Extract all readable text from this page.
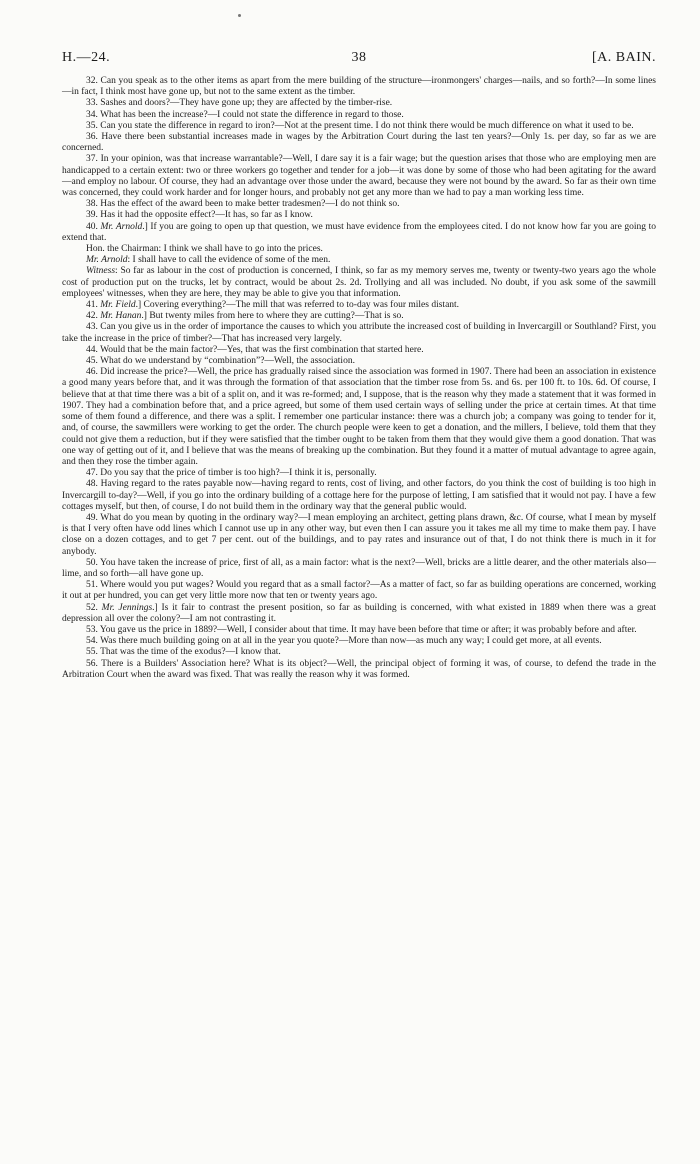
H.—24.	38	[A. BAIN.

32. Can you speak as to the other items as apart from the mere building of the structure—ironmongers' charges—nails, and so forth?—In some lines—in fact, I think most have gone up, but not to the same extent as the timber.

33. Sashes and doors?—They have gone up; they are affected by the timber-rise.

34. What has been the increase?—I could not state the difference in regard to those.

35. Can you state the difference in regard to iron?—Not at the present time. I do not think there would be much difference on what it used to be.

36. Have there been substantial increases made in wages by the Arbitration Court during the last ten years?—Only 1s. per day, so far as we are concerned.

37. In your opinion, was that increase warrantable?—Well, I dare say it is a fair wage; but the question arises that those who are employing men are handicapped to a certain extent: two or three workers go together and tender for a job—it was done by some of those who had been agitating for the award—and employ no labour. Of course, they had an advantage over those under the award, because they were not bound by the award. So far as their own time was concerned, they could work harder and for longer hours, and probably not get any more than we had to pay a man working less time.

38. Has the effect of the award been to make better tradesmen?—I do not think so.

39. Has it had the opposite effect?—It has, so far as I know.

40. Mr. Arnold.] If you are going to open up that question, we must have evidence from the employees cited. I do not know how far you are going to extend that.

Hon. the Chairman: I think we shall have to go into the prices.

Mr. Arnold: I shall have to call the evidence of some of the men.

Witness: So far as labour in the cost of production is concerned, I think, so far as my memory serves me, twenty or twenty-two years ago the whole cost of production put on the trucks, let by contract, would be about 2s. 2d. Trollying and all was included. No doubt, if you ask some of the sawmill employees' witnesses, when they are here, they may be able to give you that information.

41. Mr. Field.] Covering everything?—The mill that was referred to to-day was four miles distant.

42. Mr. Hanan.] But twenty miles from here to where they are cutting?—That is so.

43. Can you give us in the order of importance the causes to which you attribute the increased cost of building in Invercargill or Southland? First, you take the increase in the price of timber?—That has increased very largely.

44. Would that be the main factor?—Yes, that was the first combination that started here.

45. What do we understand by “combination”?—Well, the association.

46. Did increase the price?—Well, the price has gradually raised since the association was formed in 1907. There had been an association in existence a good many years before that, and it was through the formation of that association that the timber rose from 5s. and 6s. per 100 ft. to 10s. 6d. Of course, I believe that at that time there was a bit of a split on, and it was re-formed; and, I suppose, that is the reason why they made a statement that it was formed in 1907. They had a combination before that, and a price agreed, but some of them used certain ways of selling under the price at certain times. At that time some of them found a difference, and there was a split. I remember one particular instance: there was a church job; a company was going to tender for it, and, of course, the sawmillers were working to get the order. The church people were keen to get a donation, and the millers, I believe, told them that they could not give them a reduction, but if they were satisfied that the timber ought to be taken from them that they would give them a good donation. That was one way of getting out of it, and I believe that was the means of breaking up the combination. But they found it a matter of mutual advantage to agree again, and then they rose the timber again.

47. Do you say that the price of timber is too high?—I think it is, personally.

48. Having regard to the rates payable now—having regard to rents, cost of living, and other factors, do you think the cost of building is too high in Invercargill to-day?—Well, if you go into the ordinary building of a cottage here for the purpose of letting, I am satisfied that it would not pay. I have a few cottages myself, but then, of course, I do not build them in the ordinary way that the general public would.

49. What do you mean by quoting in the ordinary way?—I mean employing an architect, getting plans drawn, &c. Of course, what I mean by myself is that I very often have odd lines which I cannot use up in any other way, but even then I can assure you it takes me all my time to make them pay. I have close on a dozen cottages, and to get 7 per cent. out of the buildings, and to pay rates and insurance out of that, I do not think there is much in it for anybody.

50. You have taken the increase of price, first of all, as a main factor: what is the next?—Well, bricks are a little dearer, and the other materials also—lime, and so forth—all have gone up.

51. Where would you put wages? Would you regard that as a small factor?—As a matter of fact, so far as building operations are concerned, working it out at per hundred, you can get very little more now that ten or twenty years ago.

52. Mr. Jennings.] Is it fair to contrast the present position, so far as building is concerned, with what existed in 1889 when there was a great depression all over the colony?—I am not contrasting it.

53. You gave us the price in 1889?—Well, I consider about that time. It may have been before that time or after; it was probably before and after.

54. Was there much building going on at all in the year you quote?—More than now—as much any way; I could get more, at all events.

55. That was the time of the exodus?—I know that.

56. There is a Builders' Association here? What is its object?—Well, the principal object of forming it was, of course, to defend the trade in the Arbitration Court when the award was fixed. That was really the reason why it was formed.
